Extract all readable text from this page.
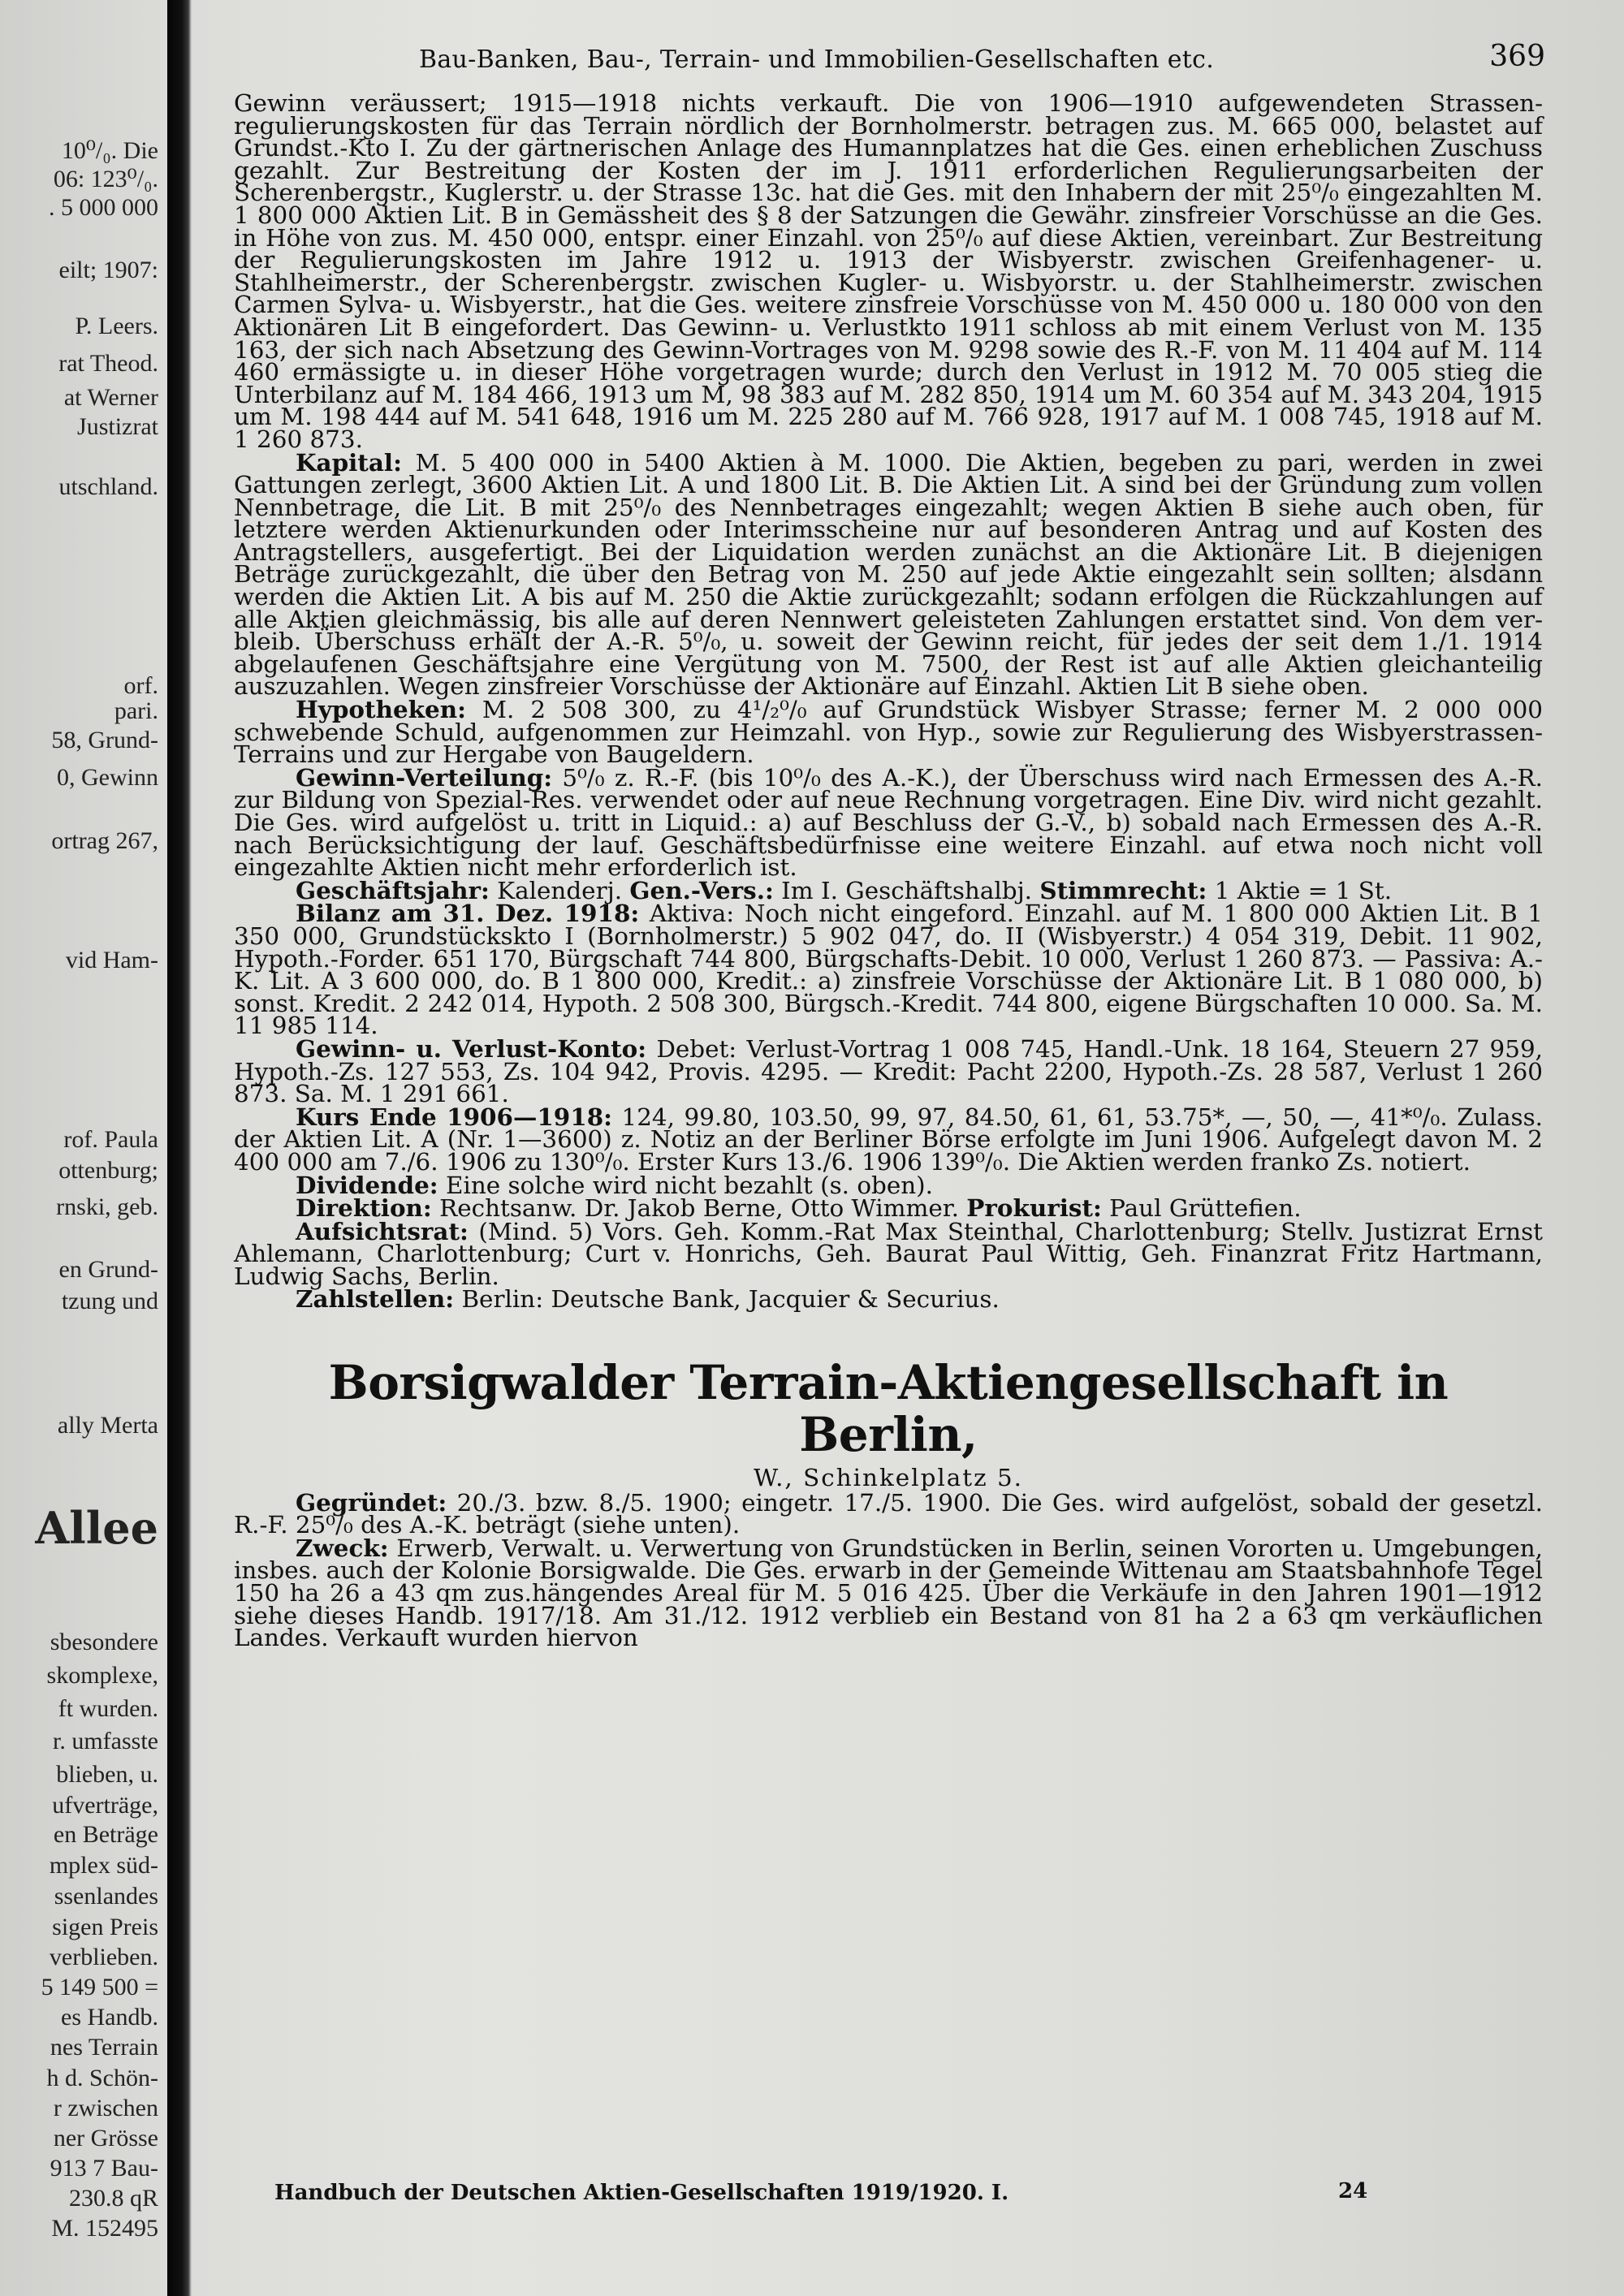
10⁰/₀. Die
06: 123⁰/₀.
. 5 000 000
eilt; 1907:
P. Leers.
rat Theod.
at Werner
Justizrat
utschland.
orf.
pari.
58, Grund-
0, Gewinn
ortrag 267,
vid Ham-
rof. Paula
ottenburg;
rnski, geb.
en Grund-
tzung und
ally Merta
Allee
sbesondere
skomplexe,
ft wurden.
r. umfasste
blieben, u.
ufverträge,
en Beträge
mplex süd-
ssenlandes
sigen Preis
verblieben.
5 149 500 =
es Handb.
nes Terrain
h d. Schön-
r zwischen
ner Grösse
913 7 Bau-
230.8 qR
M. 152495
Bau-Banken, Bau-, Terrain- und Immobilien-Gesellschaften etc.	369

Gewinn veräussert; 1915—1918 nichts verkauft. Die von 1906—1910 aufgewendeten Strassenregulierungskosten für das Terrain nördlich der Bornholmerstr. betragen zus. M. 665 000, belastet auf Grundst.-Kto I. Zu der gärtnerischen Anlage des Humannplatzes hat die Ges. einen erheblichen Zuschuss gezahlt. Zur Bestreitung der Kosten der im J. 1911 erforderlichen Regulierungsarbeiten der Scherenbergstr., Kuglerstr. u. der Strasse 13c. hat die Ges. mit den Inhabern der mit 25⁰/₀ eingezahlten M. 1 800 000 Aktien Lit. B in Gemässheit des § 8 der Satzungen die Gewähr. zinsfreier Vorschüsse an die Ges. in Höhe von zus. M. 450 000, entspr. einer Einzahl. von 25⁰/₀ auf diese Aktien, vereinbart. Zur Bestreitung der Regulierungskosten im Jahre 1912 u. 1913 der Wisbyerstr. zwischen Greifenhagener- u. Stahlheimerstr., der Scherenbergstr. zwischen Kugler- u. Wisbyorstr. u. der Stahlheimerstr. zwischen Carmen Sylva- u. Wisbyerstr., hat die Ges. weitere zinsfreie Vorschüsse von M. 450 000 u. 180 000 von den Aktionären Lit B eingefordert. Das Gewinn- u. Verlustkto 1911 schloss ab mit einem Verlust von M. 135 163, der sich nach Absetzung des Gewinn-Vortrages von M. 9298 sowie des R.-F. von M. 11 404 auf M. 114 460 ermässigte u. in dieser Höhe vorgetragen wurde; durch den Verlust in 1912 M. 70 005 stieg die Unterbilanz auf M. 184 466, 1913 um M, 98 383 auf M. 282 850, 1914 um M. 60 354 auf M. 343 204, 1915 um M. 198 444 auf M. 541 648, 1916 um M. 225 280 auf M. 766 928, 1917 auf M. 1 008 745, 1918 auf M. 1 260 873.

Kapital: M. 5 400 000 in 5400 Aktien à M. 1000. Die Aktien, begeben zu pari, werden in zwei Gattungen zerlegt, 3600 Aktien Lit. A und 1800 Lit. B. Die Aktien Lit. A sind bei der Gründung zum vollen Nennbetrage, die Lit. B mit 25⁰/₀ des Nennbetrages eingezahlt; wegen Aktien B siehe auch oben, für letztere werden Aktienurkunden oder Interimsscheine nur auf besonderen Antrag und auf Kosten des Antragstellers, ausgefertigt. Bei der Liquidation werden zunächst an die Aktionäre Lit. B diejenigen Beträge zurückgezahlt, die über den Betrag von M. 250 auf jede Aktie eingezahlt sein sollten; alsdann werden die Aktien Lit. A bis auf M. 250 die Aktie zurückgezahlt; sodann erfolgen die Rückzahlungen auf alle Aktien gleichmässig, bis alle auf deren Nennwert geleisteten Zahlungen erstattet sind. Von dem verbleib. Überschuss erhält der A.-R. 5⁰/₀, u. soweit der Gewinn reicht, für jedes der seit dem 1./1. 1914 abgelaufenen Geschäftsjahre eine Vergütung von M. 7500, der Rest ist auf alle Aktien gleichanteilig auszuzahlen. Wegen zinsfreier Vorschüsse der Aktionäre auf Einzahl. Aktien Lit B siehe oben.

Hypotheken: M. 2 508 300, zu 4¹/₂⁰/₀ auf Grundstück Wisbyer Strasse; ferner M. 2 000 000 schwebende Schuld, aufgenommen zur Heimzahl. von Hyp., sowie zur Regulierung des Wisbyerstrassen-Terrains und zur Hergabe von Baugeldern.

Gewinn-Verteilung: 5⁰/₀ z. R.-F. (bis 10⁰/₀ des A.-K.), der Überschuss wird nach Ermessen des A.-R. zur Bildung von Spezial-Res. verwendet oder auf neue Rechnung vorgetragen. Eine Div. wird nicht gezahlt. Die Ges. wird aufgelöst u. tritt in Liquid.: a) auf Beschluss der G.-V., b) sobald nach Ermessen des A.-R. nach Berücksichtigung der lauf. Geschäftsbedürfnisse eine weitere Einzahl. auf etwa noch nicht voll eingezahlte Aktien nicht mehr erforderlich ist.

Geschäftsjahr: Kalenderj. Gen.-Vers.: Im I. Geschäftshalbj. Stimmrecht: 1 Aktie = 1 St.

Bilanz am 31. Dez. 1918: Aktiva: Noch nicht eingeford. Einzahl. auf M. 1 800 000 Aktien Lit. B 1 350 000, Grundstückskto I (Bornholmerstr.) 5 902 047, do. II (Wisbyerstr.) 4 054 319, Debit. 11 902, Hypoth.-Forder. 651 170, Bürgschaft 744 800, Bürgschafts-Debit. 10 000, Verlust 1 260 873. — Passiva: A.-K. Lit. A 3 600 000, do. B 1 800 000, Kredit.: a) zinsfreie Vorschüsse der Aktionäre Lit. B 1 080 000, b) sonst. Kredit. 2 242 014, Hypoth. 2 508 300, Bürgsch.-Kredit. 744 800, eigene Bürgschaften 10 000. Sa. M. 11 985 114.

Gewinn- u. Verlust-Konto: Debet: Verlust-Vortrag 1 008 745, Handl.-Unk. 18 164, Steuern 27 959, Hypoth.-Zs. 127 553, Zs. 104 942, Provis. 4295. — Kredit: Pacht 2200, Hypoth.-Zs. 28 587, Verlust 1 260 873. Sa. M. 1 291 661.

Kurs Ende 1906—1918: 124, 99.80, 103.50, 99, 97, 84.50, 61, 61, 53.75*, —, 50, —, 41*⁰/₀. Zulass. der Aktien Lit. A (Nr. 1—3600) z. Notiz an der Berliner Börse erfolgte im Juni 1906. Aufgelegt davon M. 2 400 000 am 7./6. 1906 zu 130⁰/₀. Erster Kurs 13./6. 1906 139⁰/₀. Die Aktien werden franko Zs. notiert.

Dividende: Eine solche wird nicht bezahlt (s. oben).

Direktion: Rechtsanw. Dr. Jakob Berne, Otto Wimmer. Prokurist: Paul Grüttefien.

Aufsichtsrat: (Mind. 5) Vors. Geh. Komm.-Rat Max Steinthal, Charlottenburg; Stellv. Justizrat Ernst Ahlemann, Charlottenburg; Curt v. Honrichs, Geh. Baurat Paul Wittig, Geh. Finanzrat Fritz Hartmann, Ludwig Sachs, Berlin.

Zahlstellen: Berlin: Deutsche Bank, Jacquier & Securius.

Borsigwalder Terrain-Aktiengesellschaft in Berlin,
W., Schinkelplatz 5.

Gegründet: 20./3. bzw. 8./5. 1900; eingetr. 17./5. 1900. Die Ges. wird aufgelöst, sobald der gesetzl. R.-F. 25⁰/₀ des A.-K. beträgt (siehe unten).

Zweck: Erwerb, Verwalt. u. Verwertung von Grundstücken in Berlin, seinen Vororten u. Umgebungen, insbes. auch der Kolonie Borsigwalde. Die Ges. erwarb in der Gemeinde Wittenau am Staatsbahnhofe Tegel 150 ha 26 a 43 qm zus.hängendes Areal für M. 5 016 425. Über die Verkäufe in den Jahren 1901—1912 siehe dieses Handb. 1917/18. Am 31./12. 1912 verblieb ein Bestand von 81 ha 2 a 63 qm verkäuflichen Landes. Verkauft wurden hiervon

Handbuch der Deutschen Aktien-Gesellschaften 1919/1920. I.	24
